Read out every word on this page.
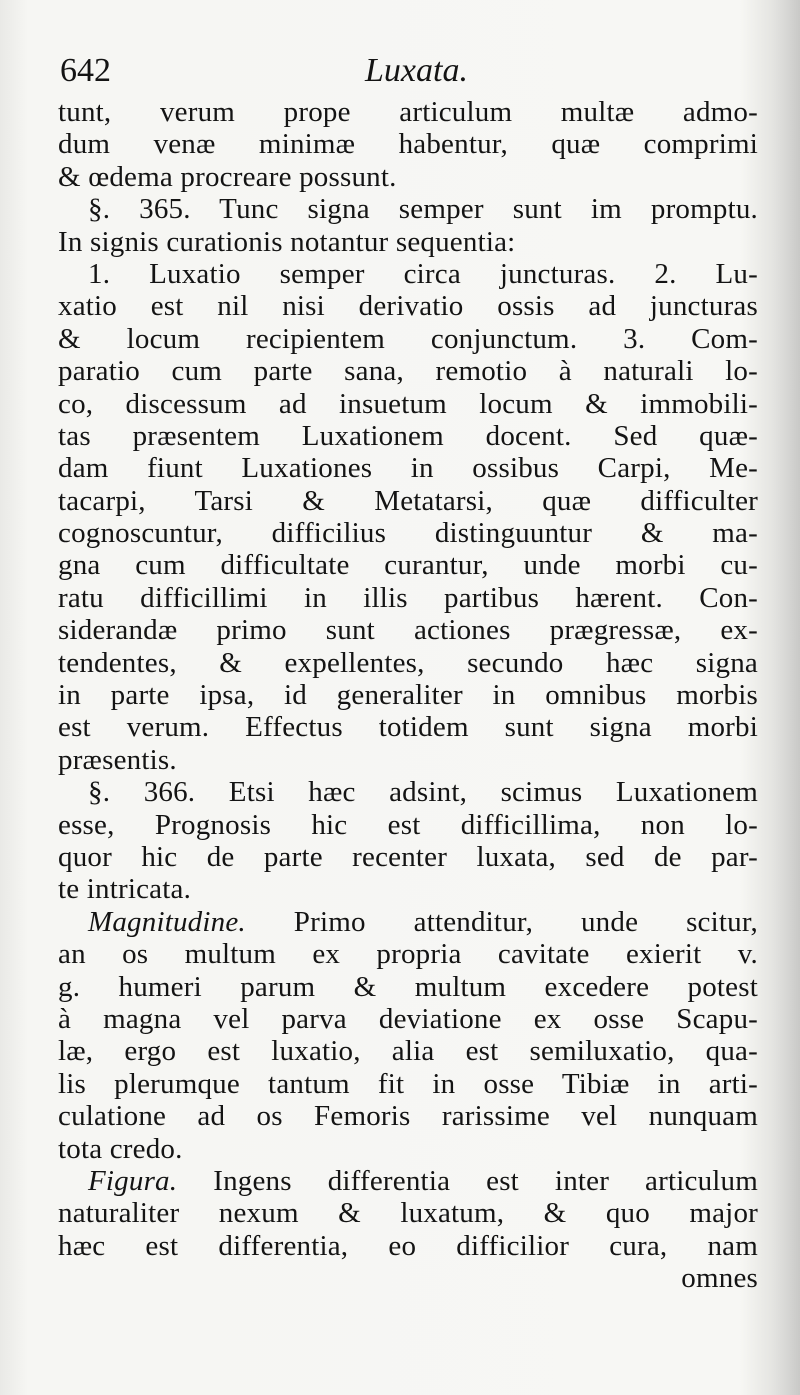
642	Luxata.
tunt, verum prope articulum multæ admo-
dum venæ minimæ habentur, quæ comprimi
& œdema procreare possunt.
§. 365. Tunc signa semper sunt im promptu.
In signis curationis notantur sequentia:
1. Luxatio semper circa juncturas. 2. Lu-
xatio est nil nisi derivatio ossis ad juncturas
& locum recipientem conjunctum. 3. Com-
paratio cum parte sana, remotio à naturali lo-
co, discessum ad insuetum locum & immobili-
tas præsentem Luxationem docent. Sed quæ-
dam fiunt Luxationes in ossibus Carpi, Me-
tacarpi, Tarsi & Metatarsi, quæ difficulter
cognoscuntur, difficilius distinguuntur & ma-
gna cum difficultate curantur, unde morbi cu-
ratu difficillimi in illis partibus hærent. Con-
siderandæ primo sunt actiones prægressæ, ex-
tendentes, & expellentes, secundo hæc signa
in parte ipsa, id generaliter in omnibus morbis
est verum. Effectus totidem sunt signa morbi
præsentis.
§. 366. Etsi hæc adsint, scimus Luxationem
esse, Prognosis hic est difficillima, non lo-
quor hic de parte recenter luxata, sed de par-
te intricata.
Magnitudine. Primo attenditur, unde scitur,
an os multum ex propria cavitate exierit v.
g. humeri parum & multum excedere potest
à magna vel parva deviatione ex osse Scapu-
læ, ergo est luxatio, alia est semiluxatio, qua-
lis plerumque tantum fit in osse Tibiæ in arti-
culatione ad os Femoris rarissime vel nunquam
tota credo.
Figura. Ingens differentia est inter articulum
naturaliter nexum & luxatum, & quo major
hæc est differentia, eo difficilior cura, nam
omnes
